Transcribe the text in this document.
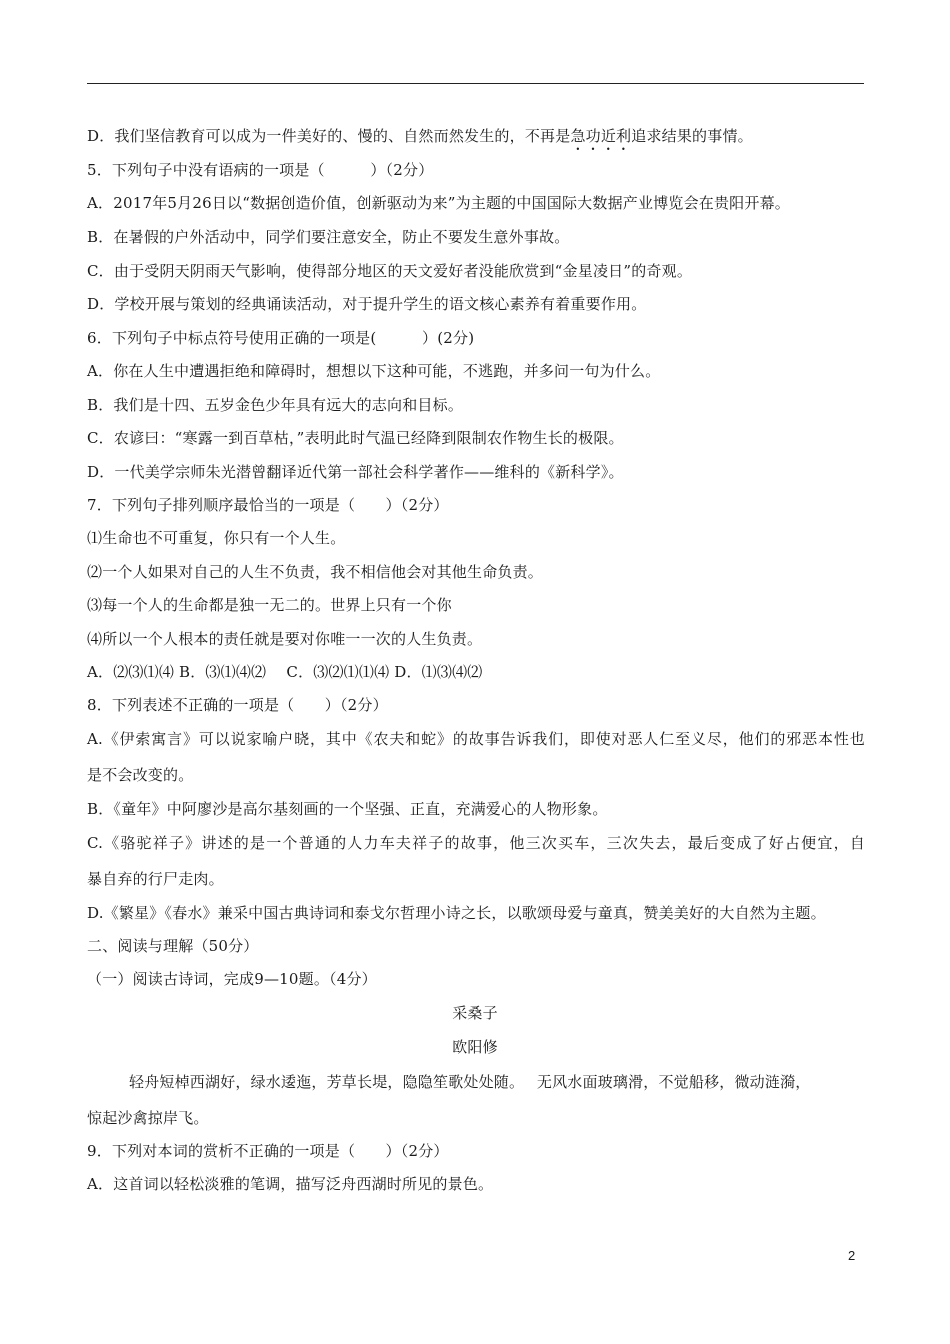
D．我们坚信教育可以成为一件美好的、慢的、自然而然发生的，不再是急功近利追求结果的事情。
5．下列句子中没有语病的一项是（　　　）（2分）
A．2017年5月26日以“数据创造价值，创新驱动为来”为主题的中国国际大数据产业博览会在贵阳开幕。
B．在暑假的户外活动中，同学们要注意安全，防止不要发生意外事故。
C．由于受阴天阴雨天气影响，使得部分地区的天文爱好者没能欣赏到“金星凌日”的奇观。
D．学校开展与策划的经典诵读活动，对于提升学生的语文核心素养有着重要作用。
6．下列句子中标点符号使用正确的一项是(　　　）(2分)
A．你在人生中遭遇拒绝和障碍时，想想以下这种可能，不逃跑，并多问一句为什么。
B．我们是十四、五岁金色少年具有远大的志向和目标。
C．农谚曰：“寒露一到百草枯，”表明此时气温已经降到限制农作物生长的极限。
D．一代美学宗师朱光潜曾翻译近代第一部社会科学著作——维科的《新科学》。
7．下列句子排列顺序最恰当的一项是（　　）（2分）
⑴生命也不可重复，你只有一个人生。
⑵一个人如果对自己的人生不负责，我不相信他会对其他生命负责。
⑶每一个人的生命都是独一无二的。世界上只有一个你
⑷所以一个人根本的责任就是要对你唯一一次的人生负责。
A．⑵⑶⑴⑷ B．⑶⑴⑷⑵　 C．⑶⑵⑴⑴⑷ D．⑴⑶⑷⑵
8．下列表述不正确的一项是（　　）（2分）
A.《伊索寓言》可以说家喻户晓，其中《农夫和蛇》的故事告诉我们，即使对恶人仁至义尽，他们的邪恶本性也
是不会改变的。
B．《童年》中阿廖沙是高尔基刻画的一个坚强、正直，充满爱心的人物形象。
C.《骆驼祥子》讲述的是一个普通的人力车夫祥子的故事，他三次买车，三次失去，最后变成了好占便宜，自
暴自弃的行尸走肉。
D.《繁星》《春水》兼采中国古典诗词和泰戈尔哲理小诗之长，以歌颂母爱与童真，赞美美好的大自然为主题。
二、阅读与理解（50分）
（一）阅读古诗词，完成9—10题。（4分）
采桑子
欧阳修
轻舟短棹西湖好，绿水逶迤，芳草长堤，隐隐笙歌处处随。　 无风水面玻璃滑，不觉船移，微动涟漪，
惊起沙禽掠岸飞。
9．下列对本词的赏析不正确的一项是（　　）（2分）
A．这首词以轻松淡雅的笔调，描写泛舟西湖时所见的景色。
2
